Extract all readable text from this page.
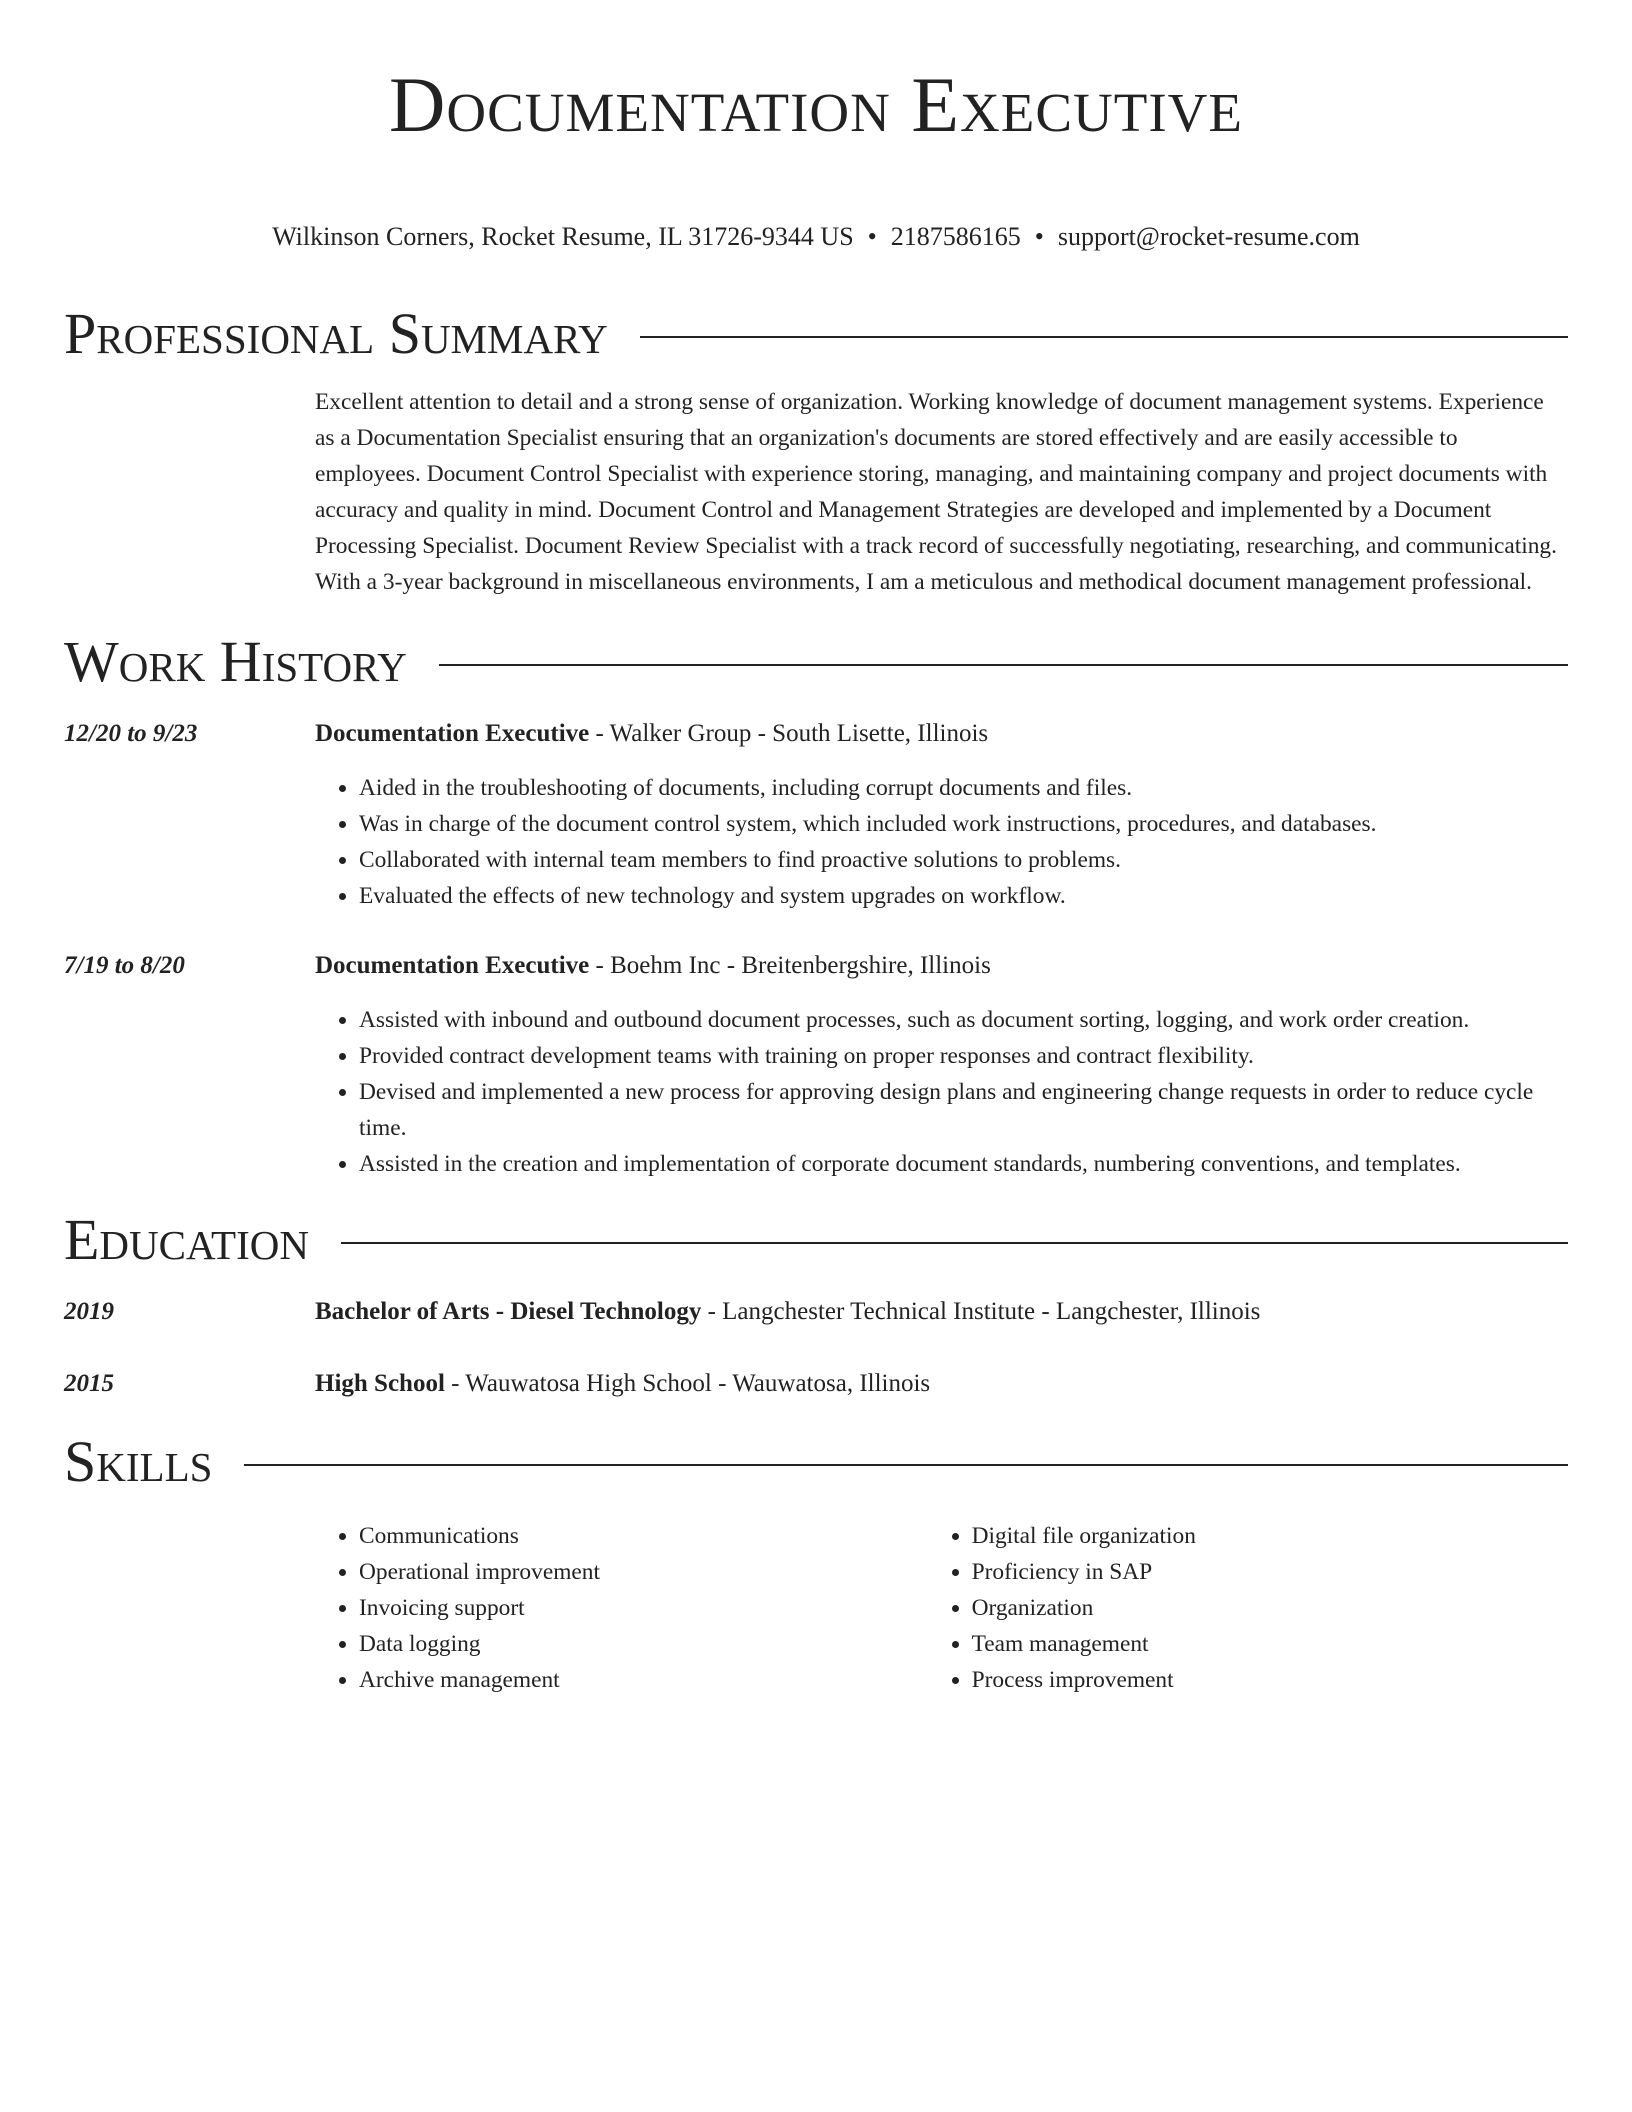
Documentation Executive
Wilkinson Corners, Rocket Resume, IL 31726-9344 US • 2187586165 • support@rocket-resume.com
Professional Summary
Excellent attention to detail and a strong sense of organization. Working knowledge of document management systems. Experience as a Documentation Specialist ensuring that an organization's documents are stored effectively and are easily accessible to employees. Document Control Specialist with experience storing, managing, and maintaining company and project documents with accuracy and quality in mind. Document Control and Management Strategies are developed and implemented by a Document Processing Specialist. Document Review Specialist with a track record of successfully negotiating, researching, and communicating. With a 3-year background in miscellaneous environments, I am a meticulous and methodical document management professional.
Work History
12/20 to 9/23	Documentation Executive - Walker Group - South Lisette, Illinois
• Aided in the troubleshooting of documents, including corrupt documents and files.
• Was in charge of the document control system, which included work instructions, procedures, and databases.
• Collaborated with internal team members to find proactive solutions to problems.
• Evaluated the effects of new technology and system upgrades on workflow.
7/19 to 8/20	Documentation Executive - Boehm Inc - Breitenbergshire, Illinois
• Assisted with inbound and outbound document processes, such as document sorting, logging, and work order creation.
• Provided contract development teams with training on proper responses and contract flexibility.
• Devised and implemented a new process for approving design plans and engineering change requests in order to reduce cycle time.
• Assisted in the creation and implementation of corporate document standards, numbering conventions, and templates.
Education
2019	Bachelor of Arts - Diesel Technology - Langchester Technical Institute - Langchester, Illinois
2015	High School - Wauwatosa High School - Wauwatosa, Illinois
Skills
• Communications
• Operational improvement
• Invoicing support
• Data logging
• Archive management
• Digital file organization
• Proficiency in SAP
• Organization
• Team management
• Process improvement
